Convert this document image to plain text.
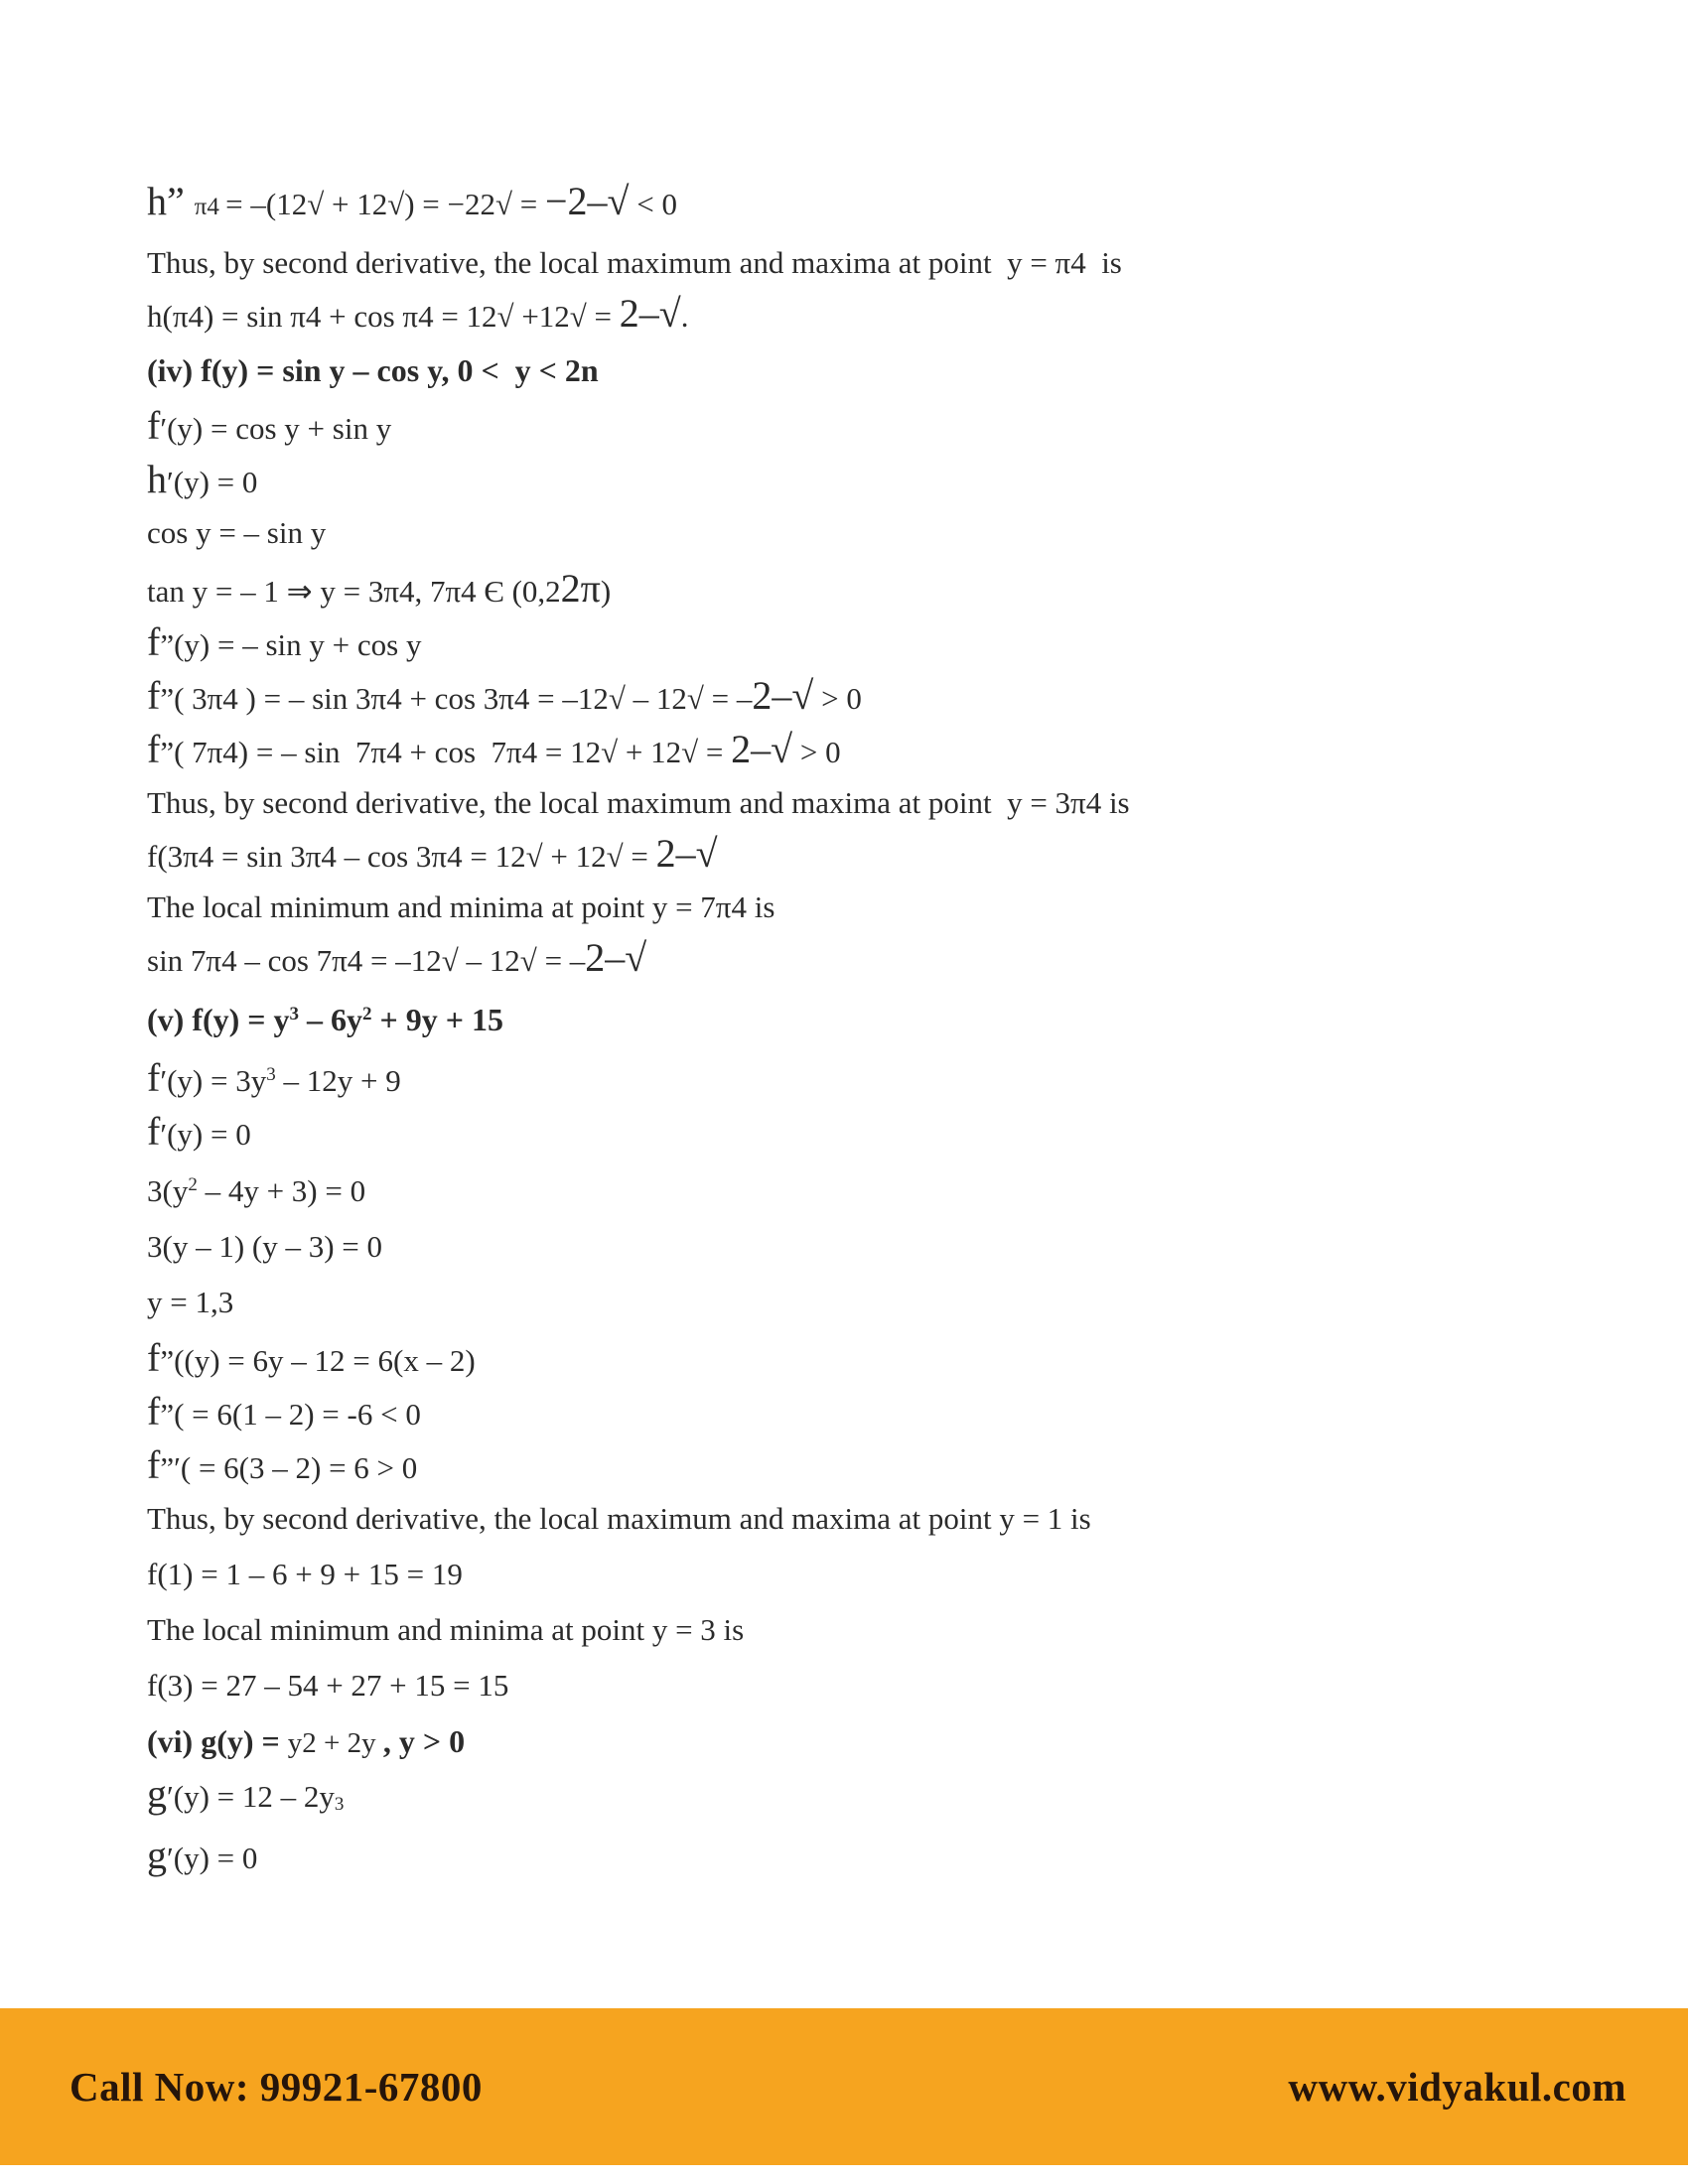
h” π4 = –(12√ + 12√) = −22√ = −2–√ < 0
Thus, by second derivative, the local maximum and maxima at point  y = π4  is
h(π4) = sin π4 + cos π4 = 12√ +12√ = 2–√.
(iv) f(y) = sin y – cos y, 0 <  y < 2n
f′(y) = cos y + sin y
h′(y) = 0
cos y = – sin y
tan y = – 1 ⇒ y = 3π4, 7π4 Є (0,22π)
f”(y) = – sin y + cos y
f”( 3π4 ) = – sin 3π4 + cos 3π4 = –12√ – 12√ = –2–√ > 0
f”( 7π4) = – sin  7π4 + cos  7π4 = 12√ + 12√ = 2–√ > 0
Thus, by second derivative, the local maximum and maxima at point  y = 3π4 is
f(3π4 = sin 3π4 – cos 3π4 = 12√ + 12√ = 2–√
The local minimum and minima at point y = 7π4 is
sin 7π4 – cos 7π4 = –12√ – 12√ = –2–√
(v) $f(y) = y^3 - 6y^2 + 9y + 15$
$f'(y) = 3y^3 - 12y + 9$
f′(y) = 0
$3(y^2 - 4y + 3) = 0$
3(y – 1) (y – 3) = 0
y = 1,3
f”((y) = 6y – 12 = 6(x – 2)
f”( = 6(1 – 2) = -6 < 0
f”′( = 6(3 – 2) = 6 > 0
Thus, by second derivative, the local maximum and maxima at point y = 1 is
f(1) = 1 – 6 + 9 + 15 = 19
The local minimum and minima at point y = 3 is
f(3) = 27 – 54 + 27 + 15 = 15
(vi) g(y) = y2 + 2y , y > 0
g′(y) = 12 – 2y3
g′(y) = 0
Call Now: 99921-67800	www.vidyakul.com
